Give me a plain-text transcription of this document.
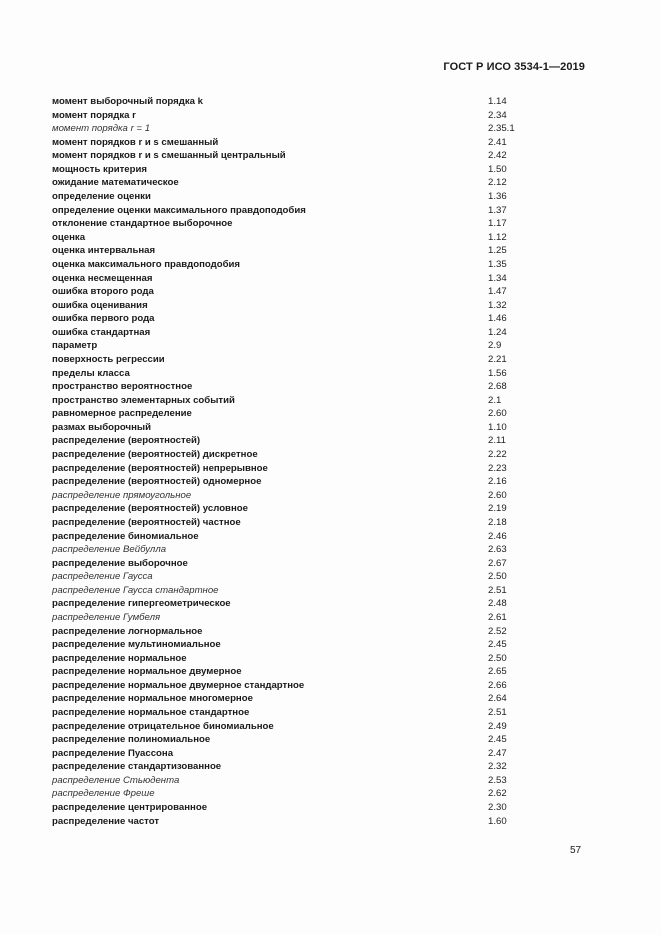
ГОСТ Р ИСО 3534-1—2019
момент выборочный порядка k	1.14
момент порядка r	2.34
момент порядка r = 1	2.35.1
момент порядков r и s смешанный	2.41
момент порядков r и s смешанный центральный	2.42
мощность критерия	1.50
ожидание математическое	2.12
определение оценки	1.36
определение оценки максимального правдоподобия	1.37
отклонение стандартное выборочное	1.17
оценка	1.12
оценка интервальная	1.25
оценка максимального правдоподобия	1.35
оценка несмещенная	1.34
ошибка второго рода	1.47
ошибка оценивания	1.32
ошибка первого рода	1.46
ошибка стандартная	1.24
параметр	2.9
поверхность регрессии	2.21
пределы класса	1.56
пространство вероятностное	2.68
пространство элементарных событий	2.1
равномерное распределение	2.60
размах выборочный	1.10
распределение (вероятностей)	2.11
распределение (вероятностей) дискретное	2.22
распределение (вероятностей) непрерывное	2.23
распределение (вероятностей) одномерное	2.16
распределение прямоугольное	2.60
распределение (вероятностей) условное	2.19
распределение (вероятностей) частное	2.18
распределение биномиальное	2.46
распределение Вейбулла	2.63
распределение выборочное	2.67
распределение Гаусса	2.50
распределение Гаусса стандартное	2.51
распределение гипергеометрическое	2.48
распределение Гумбеля	2.61
распределение логнормальное	2.52
распределение мультиномиальное	2.45
распределение нормальное	2.50
распределение нормальное двумерное	2.65
распределение нормальное двумерное стандартное	2.66
распределение нормальное многомерное	2.64
распределение нормальное стандартное	2.51
распределение отрицательное биномиальное	2.49
распределение полиномиальное	2.45
распределение Пуассона	2.47
распределение стандартизованное	2.32
распределение Стьюдента	2.53
распределение Фреше	2.62
распределение центрированное	2.30
распределение частот	1.60
57
